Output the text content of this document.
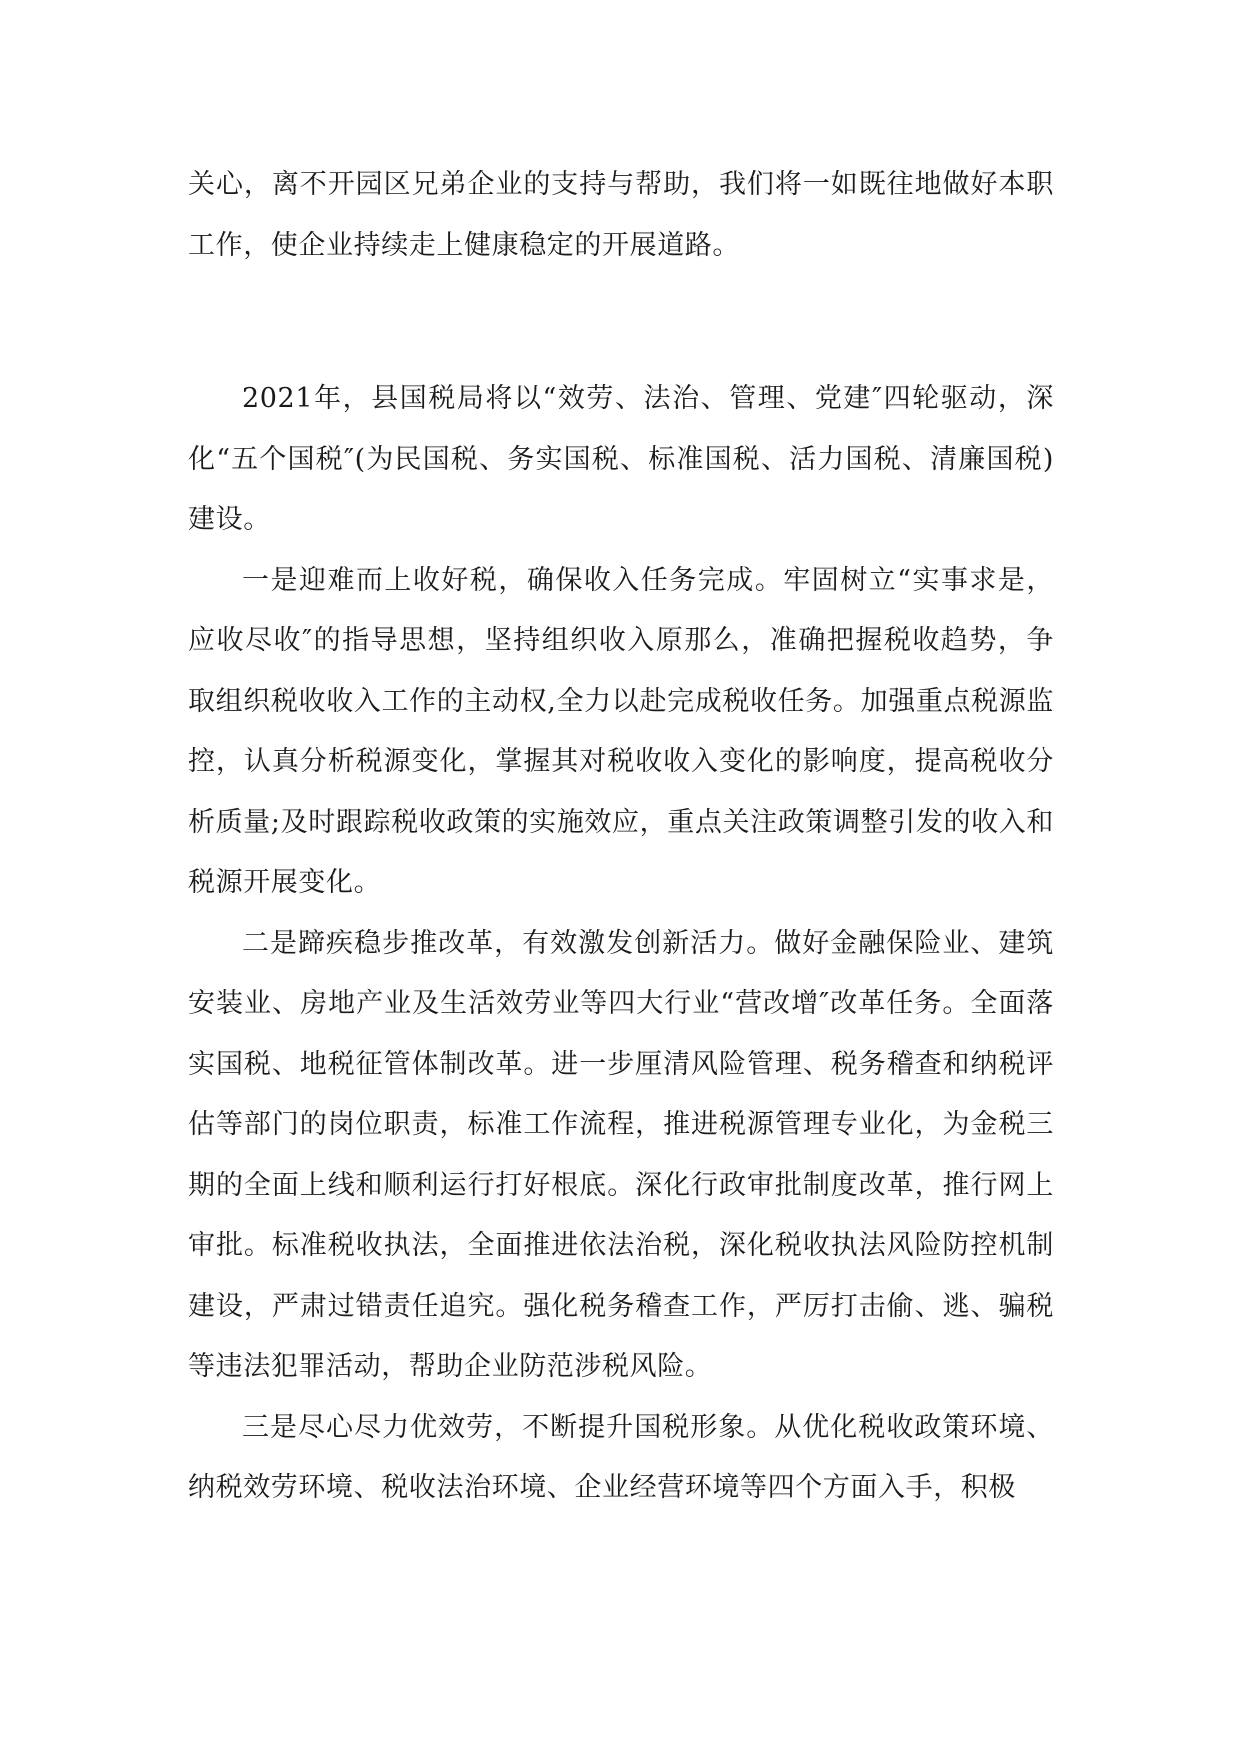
关心，离不开园区兄弟企业的支持与帮助，我们将一如既往地做好本职工作，使企业持续走上健康稳定的开展道路。

2021年，县国税局将以“效劳、法治、管理、党建″四轮驱动，深化“五个国税″(为民国税、务实国税、标准国税、活力国税、清廉国税)建设。

一是迎难而上收好税，确保收入任务完成。牢固树立“实事求是，应收尽收″的指导思想，坚持组织收入原那么，准确把握税收趋势，争取组织税收收入工作的主动权,全力以赴完成税收任务。加强重点税源监控，认真分析税源变化，掌握其对税收收入变化的影响度，提高税收分析质量;及时跟踪税收政策的实施效应，重点关注政策调整引发的收入和税源开展变化。

二是蹄疾稳步推改革，有效激发创新活力。做好金融保险业、建筑安装业、房地产业及生活效劳业等四大行业“营改增″改革任务。全面落实国税、地税征管体制改革。进一步厘清风险管理、税务稽查和纳税评估等部门的岗位职责，标准工作流程，推进税源管理专业化，为金税三期的全面上线和顺利运行打好根底。深化行政审批制度改革，推行网上审批。标准税收执法，全面推进依法治税，深化税收执法风险防控机制建设，严肃过错责任追究。强化税务稽查工作，严厉打击偷、逃、骗税等违法犯罪活动，帮助企业防范涉税风险。

三是尽心尽力优效劳，不断提升国税形象。从优化税收政策环境、纳税效劳环境、税收法治环境、企业经营环境等四个方面入手，积极
